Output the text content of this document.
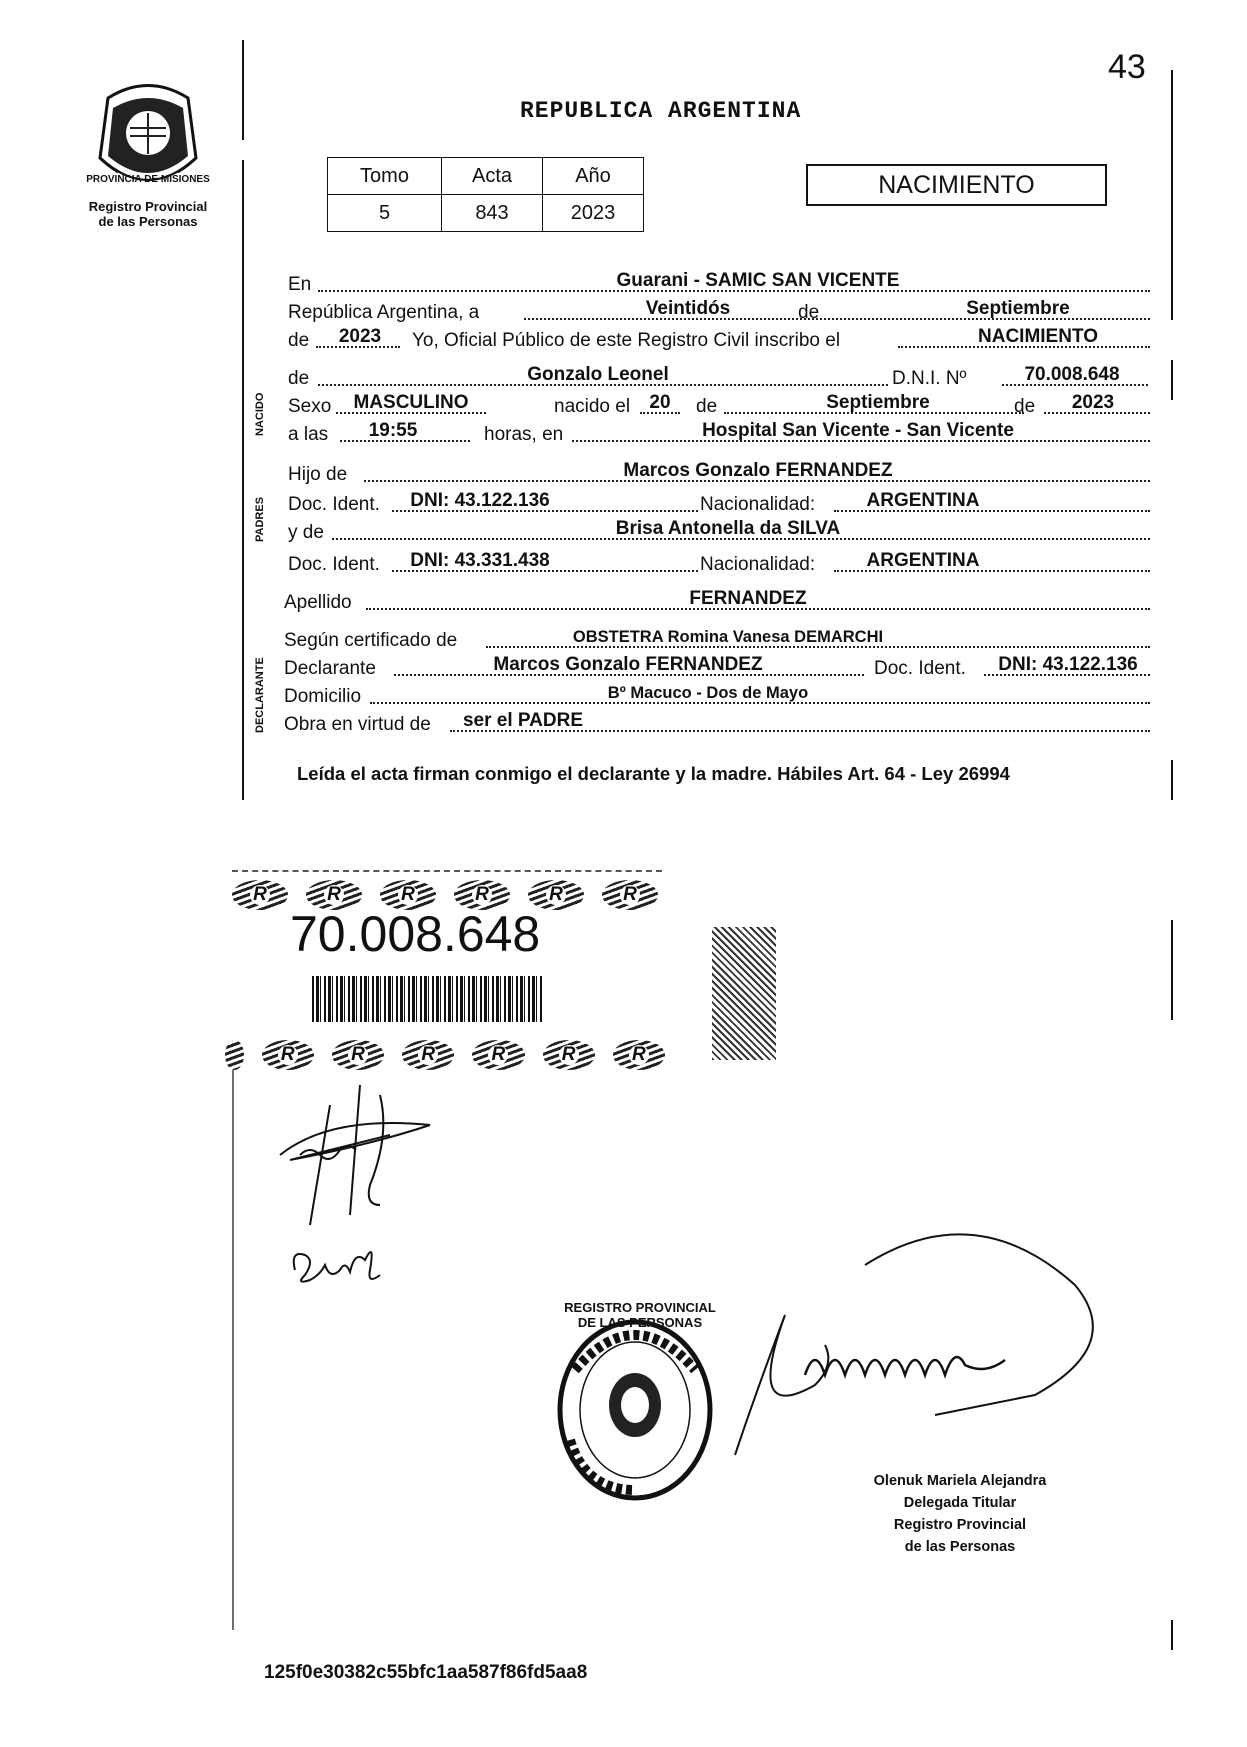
43
PROVINCIA DE MISIONES
Registro Provincial
de las Personas
REPUBLICA ARGENTINA
Tomo	Acta	Año
5	843	2023
NACIMIENTO
NACIDO
PADRES
DECLARANTE
En	Guarani - SAMIC SAN VICENTE
República Argentina, a	Veintidós	de	Septiembre
de	2023	Yo, Oficial Público de este Registro Civil inscribo el	NACIMIENTO
de	Gonzalo Leonel	D.N.I. Nº	70.008.648
Sexo	MASCULINO	nacido el	20	de	Septiembre	de	2023
a las	19:55	horas, en	Hospital San Vicente - San Vicente
Hijo de	Marcos Gonzalo FERNANDEZ
Doc. Ident.	DNI: 43.122.136	Nacionalidad:	ARGENTINA
y de	Brisa Antonella da SILVA
Doc. Ident.	DNI: 43.331.438	Nacionalidad:	ARGENTINA
Apellido	FERNANDEZ
Según certificado de	OBSTETRA Romina Vanesa DEMARCHI
Declarante	Marcos Gonzalo FERNANDEZ	Doc. Ident.	DNI: 43.122.136
Domicilio	Bº Macuco - Dos de Mayo
Obra en virtud de ser el PADRE
Leída el acta firman conmigo el declarante y la madre. Hábiles Art. 64 - Ley 26994
R	R	R	R	R	R
70.008.648
R	R	R	R	R	R
REGISTRO PROVINCIAL DE LAS PERSONAS
Olenuk Mariela Alejandra
Delegada Titular
Registro Provincial
de las Personas
125f0e30382c55bfc1aa587f86fd5aa8
